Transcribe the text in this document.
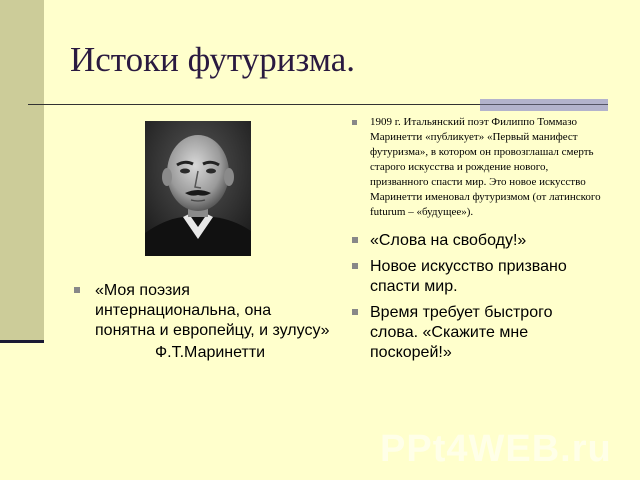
Истоки футуризма.
«Моя поэзия интернациональна, она понятна и европейцу, и зулусу»
Ф.Т.Маринетти
1909 г. Итальянский поэт Филиппо Томмазо Маринетти «публикует» «Первый манифест футуризма», в котором он провозглашал смерть старого искусства и рождение нового, призванного спасти мир. Это новое искусство Маринетти именовал футуризмом (от латинского futurum – «будущее»).
«Слова на свободу!»
Новое искусство призвано спасти мир.
Время требует быстрого слова. «Скажите мне поскорей!»
PPt4WEB.ru
